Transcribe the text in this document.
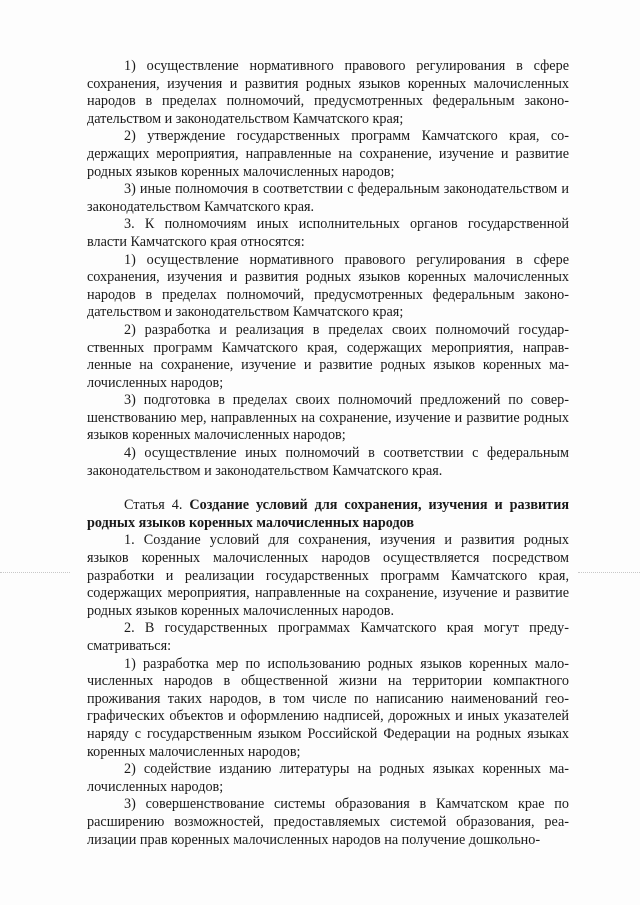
1) осуществление нормативного правового регулирования в сфере сохранения, изучения и развития родных языков коренных малочисленных народов в пределах полномочий, предусмотренных федеральным законодательством и законодательством Камчатского края;

2) утверждение государственных программ Камчатского края, содержащих мероприятия, направленные на сохранение, изучение и развитие родных языков коренных малочисленных народов;

3) иные полномочия в соответствии с федеральным законодательством и законодательством Камчатского края.

3. К полномочиям иных исполнительных органов государственной власти Камчатского края относятся:

1) осуществление нормативного правового регулирования в сфере сохранения, изучения и развития родных языков коренных малочисленных народов в пределах полномочий, предусмотренных федеральным законодательством и законодательством Камчатского края;

2) разработка и реализация в пределах своих полномочий государственных программ Камчатского края, содержащих мероприятия, направленные на сохранение, изучение и развитие родных языков коренных малочисленных народов;

3) подготовка в пределах своих полномочий предложений по совершенствованию мер, направленных на сохранение, изучение и развитие родных языков коренных малочисленных народов;

4) осуществление иных полномочий в соответствии с федеральным законодательством и законодательством Камчатского края.

Статья 4. Создание условий для сохранения, изучения и развития родных языков коренных малочисленных народов

1. Создание условий для сохранения, изучения и развития родных языков коренных малочисленных народов осуществляется посредством разработки и реализации государственных программ Камчатского края, содержащих мероприятия, направленные на сохранение, изучение и развитие родных языков коренных малочисленных народов.

2. В государственных программах Камчатского края могут предусматриваться:

1) разработка мер по использованию родных языков коренных малочисленных народов в общественной жизни на территории компактного проживания таких народов, в том числе по написанию наименований географических объектов и оформлению надписей, дорожных и иных указателей наряду с государственным языком Российской Федерации на родных языках коренных малочисленных народов;

2) содействие изданию литературы на родных языках коренных малочисленных народов;

3) совершенствование системы образования в Камчатском крае по расширению возможностей, предоставляемых системой образования, реализации прав коренных малочисленных народов на получение дошкольно-
